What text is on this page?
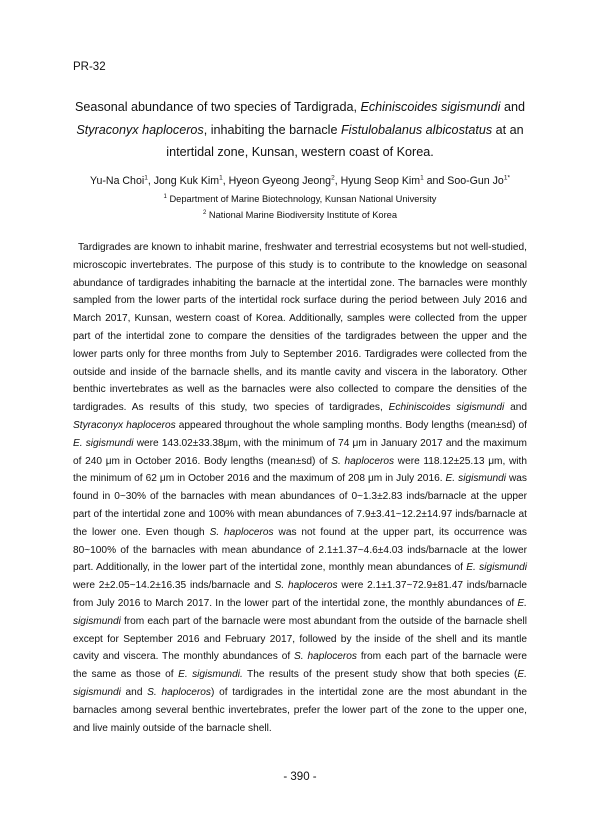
PR-32
Seasonal abundance of two species of Tardigrada, Echiniscoides sigismundi and Styraconyx haploceros, inhabiting the barnacle Fistulobalanus albicostatus at an intertidal zone, Kunsan, western coast of Korea.
Yu-Na Choi$^1$, Jong Kuk Kim$^1$, Hyeon Gyeong Jeong$^2$, Hyung Seop Kim$^1$ and Soo-Gun $Jo^{1*}$
$^1$ Department of Marine Biotechnology, Kunsan National University
$^2$ National Marine Biodiversity Institute of Korea

Tardigrades are known to inhabit marine, freshwater and terrestrial ecosystems but not well-studied, microscopic invertebrates. The purpose of this study is to contribute to the knowledge on seasonal abundance of tardigrades inhabiting the barnacle at the intertidal zone. The barnacles were monthly sampled from the lower parts of the intertidal rock surface during the period between July 2016 and March 2017, Kunsan, western coast of Korea. Additionally, samples were collected from the upper part of the intertidal zone to compare the densities of the tardigrades between the upper and the lower parts only for three months from July to September 2016. Tardigrades were collected from the outside and inside of the barnacle shells, and its mantle cavity and viscera in the laboratory. Other benthic invertebrates as well as the barnacles were also collected to compare the densities of the tardigrades. As results of this study, two species of tardigrades, Echiniscoides sigismundi and Styraconyx haploceros appeared throughout the whole sampling months. Body lengths (mean±sd) of E. sigismundi were 143.02±33.38μm, with the minimum of 74 μm in January 2017 and the maximum of 240 μm in October 2016. Body lengths (mean±sd) of S. haploceros were 118.12±25.13 μm, with the minimum of 62 μm in October 2016 and the maximum of 208 μm in July 2016. E. sigismundi was found in 0~30% of the barnacles with mean abundances of 0~1.3±2.83 inds/barnacle at the upper part of the intertidal zone and 100% with mean abundances of 7.9±3.41~12.2±14.97 inds/barnacle at the lower one. Even though S. haploceros was not found at the upper part, its occurrence was 80~100% of the barnacles with mean abundance of 2.1±1.37~4.6±4.03 inds/barnacle at the lower part. Additionally, in the lower part of the intertidal zone, monthly mean abundances of E. sigismundi were 2±2.05~14.2±16.35 inds/barnacle and S. haploceros were 2.1±1.37~72.9±81.47 inds/barnacle from July 2016 to March 2017. In the lower part of the intertidal zone, the monthly abundances of E. sigismundi from each part of the barnacle were most abundant from the outside of the barnacle shell except for September 2016 and February 2017, followed by the inside of the shell and its mantle cavity and viscera. The monthly abundances of S. haploceros from each part of the barnacle were the same as those of E. sigismundi. The results of the present study show that both species (E. sigismundi and S. haploceros) of tardigrades in the intertidal zone are the most abundant in the barnacles among several benthic invertebrates, prefer the lower part of the zone to the upper one, and live mainly outside of the barnacle shell.

- 390 -
